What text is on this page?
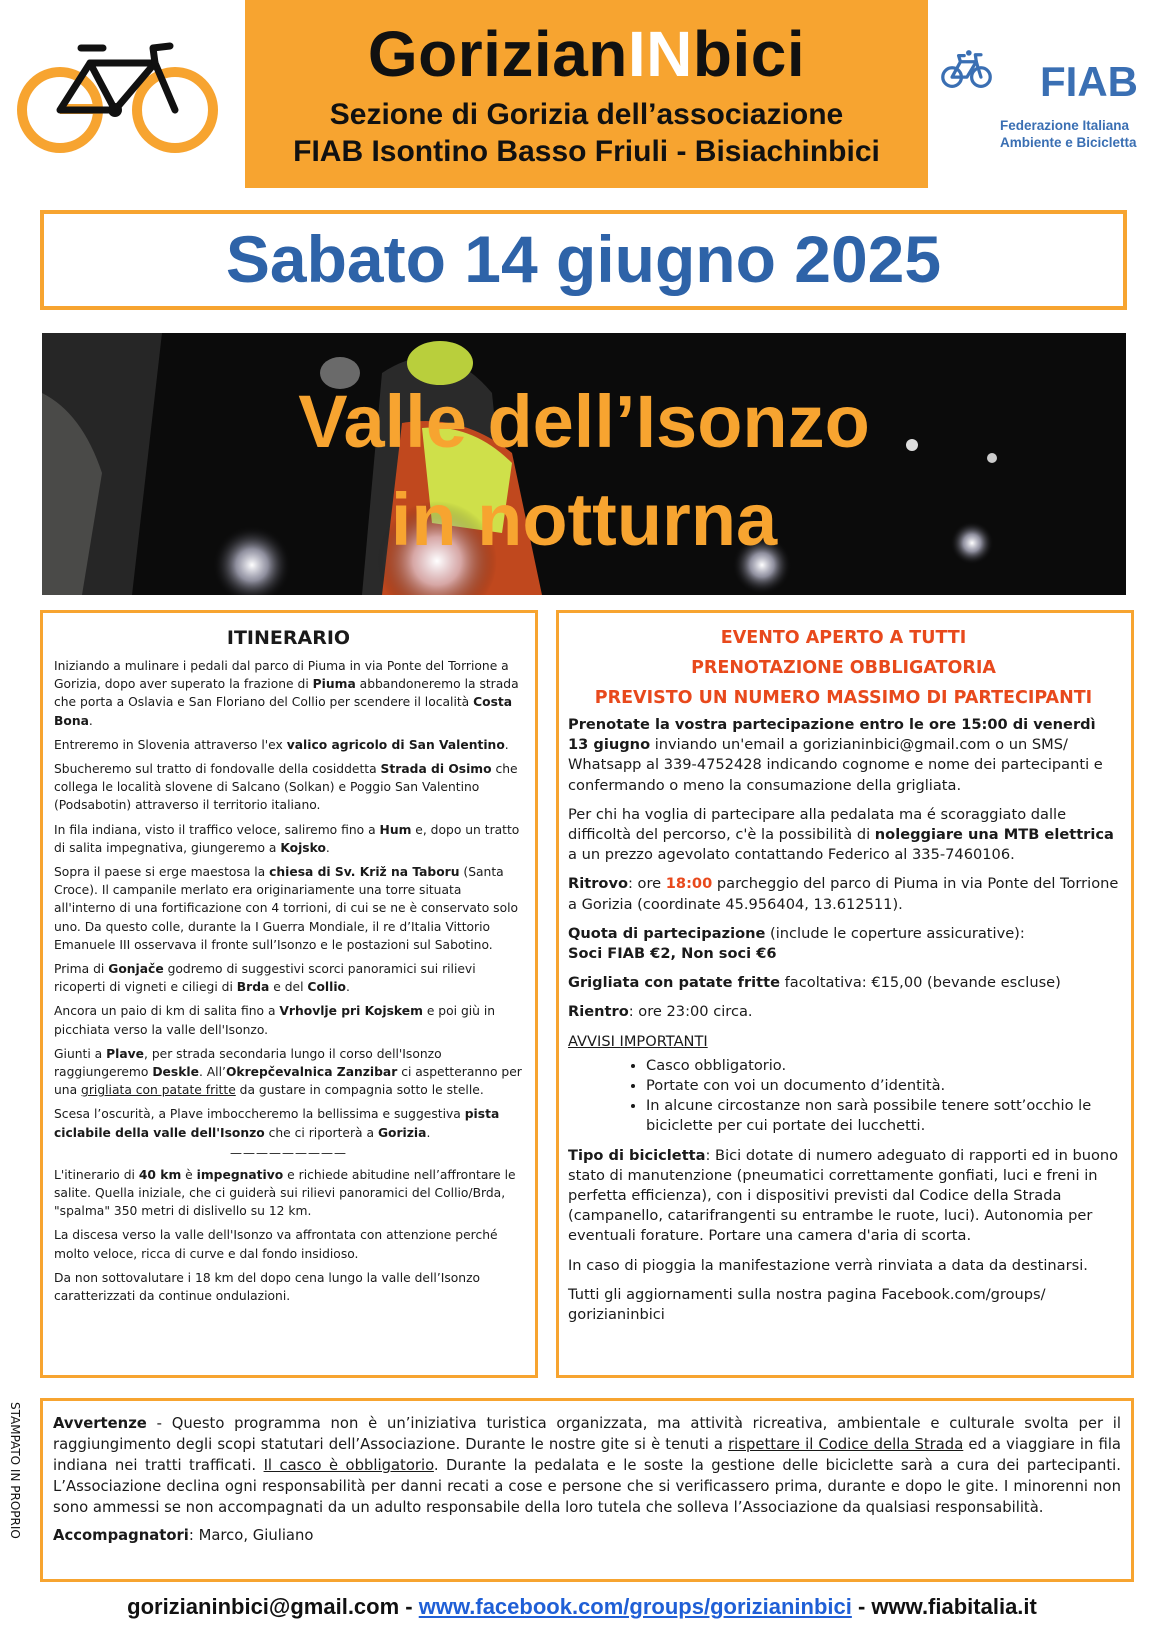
GorizianINbici
Sezione di Gorizia dell’associazione
FIAB Isontino Basso Friuli - Bisiachinbici
FIAB
Federazione Italiana
Ambiente e Bicicletta
Sabato 14 giugno 2025
Valle dell’Isonzo
in notturna
ITINERARIO

Iniziando a mulinare i pedali dal parco di Piuma in via Ponte del Torrione a Gorizia, dopo aver superato la frazione di Piuma abbandoneremo la strada che porta a Oslavia e San Floriano del Collio per scendere il località Costa Bona.

Entreremo in Slovenia attraverso l'ex valico agricolo di San Valentino.

Sbucheremo sul tratto di fondovalle della cosiddetta Strada di Osimo che collega le località slovene di Salcano (Solkan) e Poggio San Valentino (Podsabotin) attraverso il territorio italiano.

In fila indiana, visto il traffico veloce, saliremo fino a Hum e, dopo un tratto di salita impegnativa, giungeremo a Kojsko.

Sopra il paese si erge maestosa la chiesa di Sv. Križ na Taboru (Santa Croce). Il campanile merlato era originariamente una torre situata all'interno di una fortificazione con 4 torrioni, di cui se ne è conservato solo uno. Da questo colle, durante la I Guerra Mondiale, il re d’Italia Vittorio Emanuele III osservava il fronte sull’Isonzo e le postazioni sul Sabotino.

Prima di Gonjače godremo di suggestivi scorci panoramici sui rilievi ricoperti di vigneti e ciliegi di Brda e del Collio.

Ancora un paio di km di salita fino a Vrhovlje pri Kojskem e poi giù in picchiata verso la valle dell'Isonzo.

Giunti a Plave, per strada secondaria lungo il corso dell'Isonzo raggiungeremo Deskle. All’Okrepčevalnica Zanzibar ci aspetteranno per una grigliata con patate fritte da gustare in compagnia sotto le stelle.

Scesa l’oscurità, a Plave imboccheremo la bellissima e suggestiva pista ciclabile della valle dell'Isonzo che ci riporterà a Gorizia.

—————————

L'itinerario di 40 km è impegnativo e richiede abitudine nell’affrontare le salite. Quella iniziale, che ci guiderà sui rilievi panoramici del Collio/Brda, "spalma" 350 metri di dislivello su 12 km.

La discesa verso la valle dell'Isonzo va affrontata con attenzione perché molto veloce, ricca di curve e dal fondo insidioso.

Da non sottovalutare i 18 km del dopo cena lungo la valle dell’Isonzo caratterizzati da continue ondulazioni.

EVENTO APERTO A TUTTI

PRENOTAZIONE OBBLIGATORIA

PREVISTO UN NUMERO MASSIMO DI PARTECIPANTI

Prenotate la vostra partecipazione entro le ore 15:00 di venerdì 13 giugno inviando un'email a gorizianinbici@gmail.com o un SMS/ Whatsapp al 339-4752428 indicando cognome e nome dei partecipanti e confermando o meno la consumazione della grigliata.

Per chi ha voglia di partecipare alla pedalata ma é scoraggiato dalle difficoltà del percorso, c'è la possibilità di noleggiare una MTB elettrica a un prezzo agevolato contattando Federico al 335-7460106.

Ritrovo: ore 18:00 parcheggio del parco di Piuma in via Ponte del Torrione a Gorizia (coordinate 45.956404, 13.612511).

Quota di partecipazione (include le coperture assicurative):

Soci FIAB €2, Non soci €6

Grigliata con patate fritte facoltativa: €15,00 (bevande escluse)

Rientro: ore 23:00 circa.

AVVISI IMPORTANTI

• Casco obbligatorio.
• Portate con voi un documento d’identità.
• In alcune circostanze non sarà possibile tenere sott’occhio le biciclette per cui portate dei lucchetti.

Tipo di bicicletta: Bici dotate di numero adeguato di rapporti ed in buono stato di manutenzione (pneumatici correttamente gonfiati, luci e freni in perfetta efficienza), con i dispositivi previsti dal Codice della Strada (campanello, catarifrangenti su entrambe le ruote, luci). Autonomia per eventuali forature. Portare una camera d'aria di scorta.

In caso di pioggia la manifestazione verrà rinviata a data da destinarsi.

Tutti gli aggiornamenti sulla nostra pagina Facebook.com/groups/ gorizianinbici

STAMPATO IN PROPRIO Avvertenze - Questo programma non è un’iniziativa turistica organizzata, ma attività ricreativa, ambientale e culturale svolta per il raggiungimento degli scopi statutari dell’Associazione. Durante le nostre gite si è tenuti a rispettare il Codice della Strada ed a viaggiare in fila indiana nei tratti trafficati. Il casco è obbligatorio. Durante la pedalata e le soste la gestione delle biciclette sarà a cura dei partecipanti. L’Associazione declina ogni responsabilità per danni recati a cose e persone che si verificassero prima, durante e dopo le gite. I minorenni non sono ammessi se non accompagnati da un adulto responsabile della loro tutela che solleva l’Associazione da qualsiasi responsabilità.

Accompagnatori: Marco, Giuliano

gorizianinbici@gmail.com - www.facebook.com/groups/gorizianinbici - www.fiabitalia.it
